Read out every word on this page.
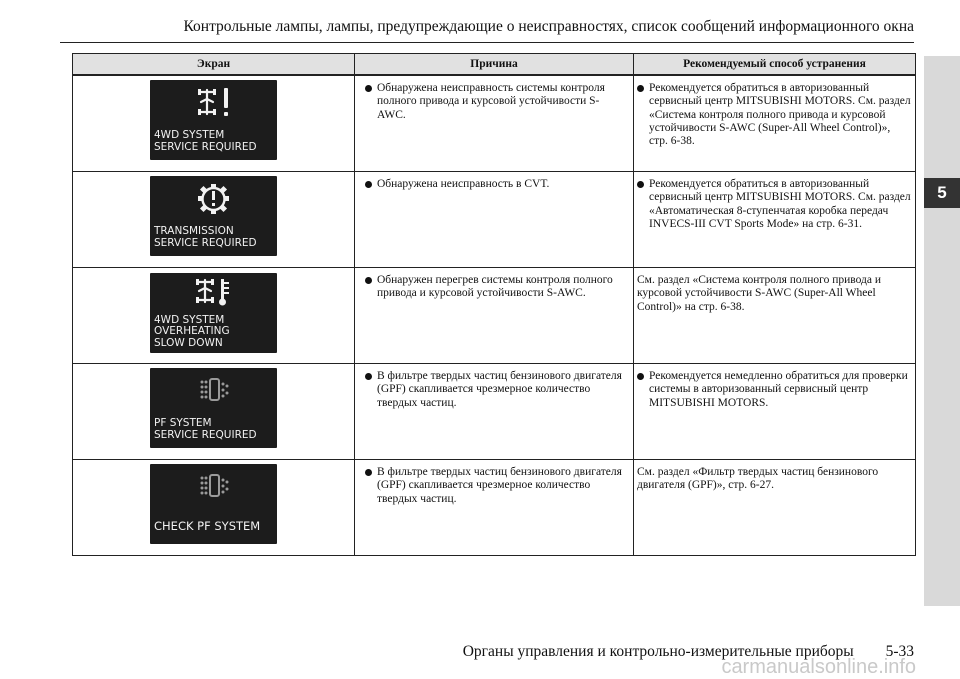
Контрольные лампы, лампы, предупреждающие о неисправностях, список сообщений информационного окна
5
Экран	Причина	Рекомендуемый способ устранения

4WD SYSTEM
SERVICE REQUIRED	Обнаружена неисправность системы контроля полного привода и курсовой устойчивости S-AWC.	Рекомендуется обратиться в авторизованный сервисный центр MITSUBISHI MOTORS. См. раздел «Система контроля полного привода и курсовой устойчивости S-AWC (Super-All Wheel Control)», стр. 6-38.

TRANSMISSION
SERVICE REQUIRED	Обнаружена неисправность в CVT.	Рекомендуется обратиться в авторизованный сервисный центр MITSUBISHI MOTORS. См. раздел «Автоматическая 8-ступенчатая коробка передач INVECS-III CVT Sports Mode» на стр. 6-31.

4WD SYSTEM
OVERHEATING
SLOW DOWN	Обнаружен перегрев системы контроля полного привода и курсовой устойчивости S-AWC.	См. раздел «Система контроля полного привода и курсовой устойчивости S-AWC (Super-All Wheel Control)» на стр. 6-38.

PF SYSTEM
SERVICE REQUIRED	В фильтре твердых частиц бензинового двигателя (GPF) скапливается чрезмерное количество твердых частиц.	Рекомендуется немедленно обратиться для проверки системы в авторизованный сервисный центр MITSUBISHI MOTORS.

CHECK PF SYSTEM	В фильтре твердых частиц бензинового двигателя (GPF) скапливается чрезмерное количество твердых частиц.	См. раздел «Фильтр твердых частиц бензинового двигателя (GPF)», стр. 6-27.
Органы управления и контрольно-измерительные приборы 5-33
carmanualsonline.info
